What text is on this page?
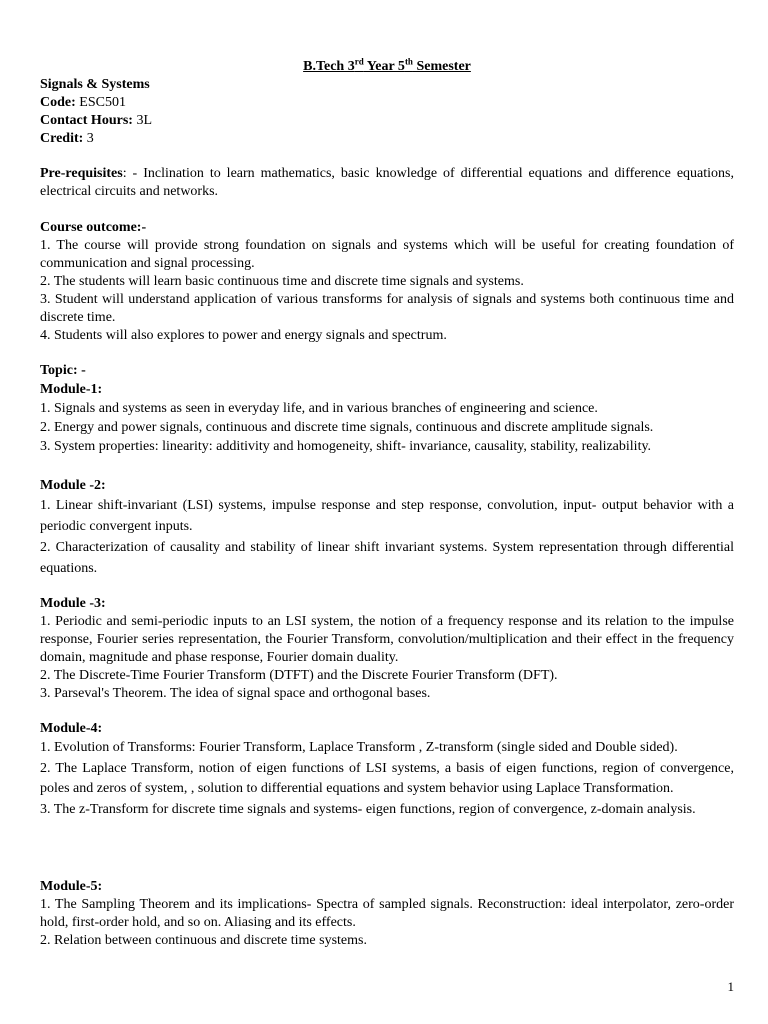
B.Tech 3rd Year 5th Semester
Signals & Systems
Code: ESC501
Contact Hours: 3L
Credit: 3
Pre-requisites: - Inclination to learn mathematics, basic knowledge of differential equations and difference equations, electrical circuits and networks.
Course outcome:-
1. The course will provide strong foundation on signals and systems which will be useful for creating foundation of communication and signal processing.
2. The students will learn basic continuous time and discrete time signals and systems.
3. Student will understand application of various transforms for analysis of signals and systems both continuous time and discrete time.
4. Students will also explores to power and energy signals and spectrum.
Topic: -
Module-1:
1. Signals and systems as seen in everyday life, and in various branches of engineering and science.
2. Energy and power signals, continuous and discrete time signals, continuous and discrete amplitude signals.
3. System properties: linearity: additivity and homogeneity, shift- invariance, causality, stability, realizability.
Module -2:
1. Linear shift-invariant (LSI) systems, impulse response and step response, convolution, input- output behavior with a periodic convergent inputs.
2. Characterization of causality and stability of linear shift invariant systems. System representation through differential equations.
Module -3:
1. Periodic and semi-periodic inputs to an LSI system, the notion of a frequency response and its relation to the impulse response, Fourier series representation, the Fourier Transform, convolution/multiplication and their effect in the frequency domain, magnitude and phase response, Fourier domain duality.
2. The Discrete-Time Fourier Transform (DTFT) and the Discrete Fourier Transform (DFT).
3. Parseval's Theorem. The idea of signal space and orthogonal bases.
Module-4:
1. Evolution of Transforms: Fourier Transform, Laplace Transform , Z-transform (single sided and Double sided).
2. The Laplace Transform, notion of eigen functions of LSI systems, a basis of eigen functions, region of convergence, poles and zeros of system, , solution to differential equations and system behavior using Laplace Transformation.
3. The z-Transform for discrete time signals and systems- eigen functions, region of convergence, z-domain analysis.
Module-5:
1. The Sampling Theorem and its implications- Spectra of sampled signals. Reconstruction: ideal interpolator, zero-order hold, first-order hold, and so on. Aliasing and its effects.
2. Relation between continuous and discrete time systems.
1
